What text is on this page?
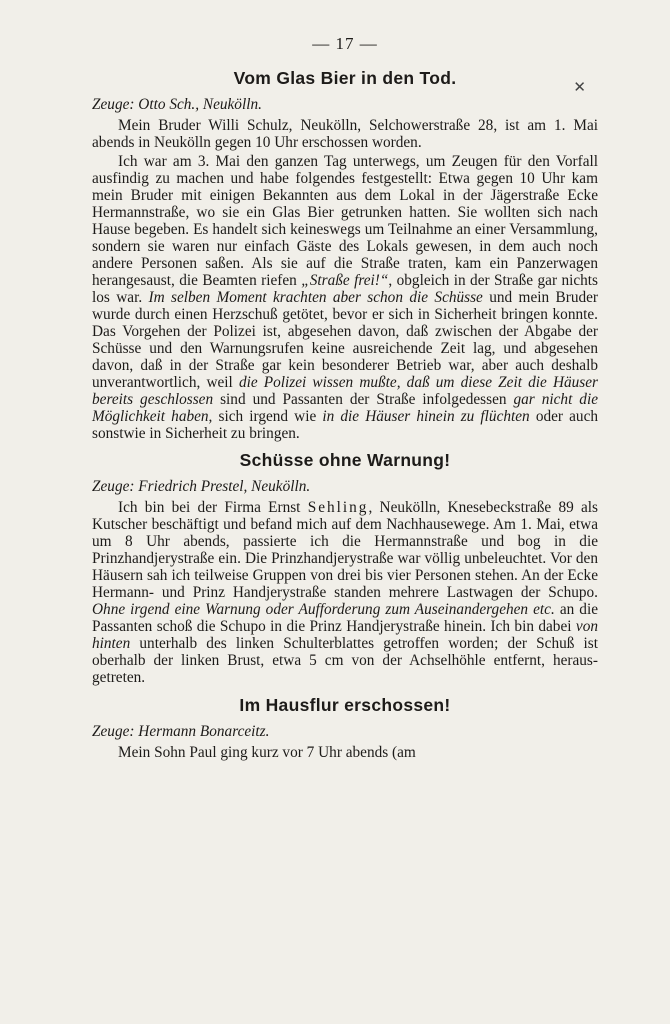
✕
— 17 —
Vom Glas Bier in den Tod.
Zeuge: Otto Sch., Neukölln.

Mein Bruder Willi Schulz, Neukölln, Selchowerstraße 28, ist am 1. Mai abends in Neukölln gegen 10 Uhr erschossen worden.

Ich war am 3. Mai den ganzen Tag unterwegs, um Zeugen für den Vorfall ausfindig zu machen und habe folgendes festgestellt: Etwa gegen 10 Uhr kam mein Bruder mit einigen Bekannten aus dem Lokal in der Jägerstraße Ecke Hermannstraße, wo sie ein Glas Bier getrunken hatten. Sie wollten sich nach Hause begeben. Es handelt sich keineswegs um Teilnahme an einer Versammlung, sondern sie waren nur einfach Gäste des Lokals gewesen, in dem auch noch andere Personen saßen. Als sie auf die Straße traten, kam ein Panzerwagen herangesaust, die Beamten riefen „Straße frei!“, obgleich in der Straße gar nichts los war. Im selben Moment krachten aber schon die Schüsse und mein Bruder wurde durch einen Herzschuß getötet, bevor er sich in Sicherheit bringen konnte. Das Vorgehen der Polizei ist, abgesehen davon, daß zwischen der Abgabe der Schüsse und den Warnungsrufen keine ausreichende Zeit lag, und abgesehen davon, daß in der Straße gar kein besonderer Betrieb war, aber auch deshalb unverantwortlich, weil die Polizei wissen mußte, daß um diese Zeit die Häuser bereits geschlossen sind und Passanten der Straße infolgedessen gar nicht die Möglichkeit haben, sich irgend wie in die Häuser hinein zu flüchten oder auch sonstwie in Sicherheit zu bringen.

Schüsse ohne Warnung!
Zeuge: Friedrich Prestel, Neukölln.

Ich bin bei der Firma Ernst Sehling, Neukölln, Knesebeckstraße 89 als Kutscher beschäftigt und befand mich auf dem Nachhausewege. Am 1. Mai, etwa um 8 Uhr abends, passierte ich die Hermannstraße und bog in die Prinzhandjerystraße ein. Die Prinzhandjerystraße war völlig unbeleuchtet. Vor den Häusern sah ich teilweise Gruppen von drei bis vier Personen stehen. An der Ecke Hermann- und Prinz Handjerystraße standen mehrere Lastwagen der Schupo. Ohne irgend eine Warnung oder Aufforderung zum Auseinandergehen etc. an die Passanten schoß die Schupo in die Prinz Handjerystraße hinein. Ich bin dabei von hinten unterhalb des linken Schulterblattes getroffen worden; der Schuß ist oberhalb der linken Brust, etwa 5 cm von der Achselhöhle entfernt, herausgetreten.

Im Hausflur erschossen!
Zeuge: Hermann Bonarceitz.

Mein Sohn Paul ging kurz vor 7 Uhr abends (am
